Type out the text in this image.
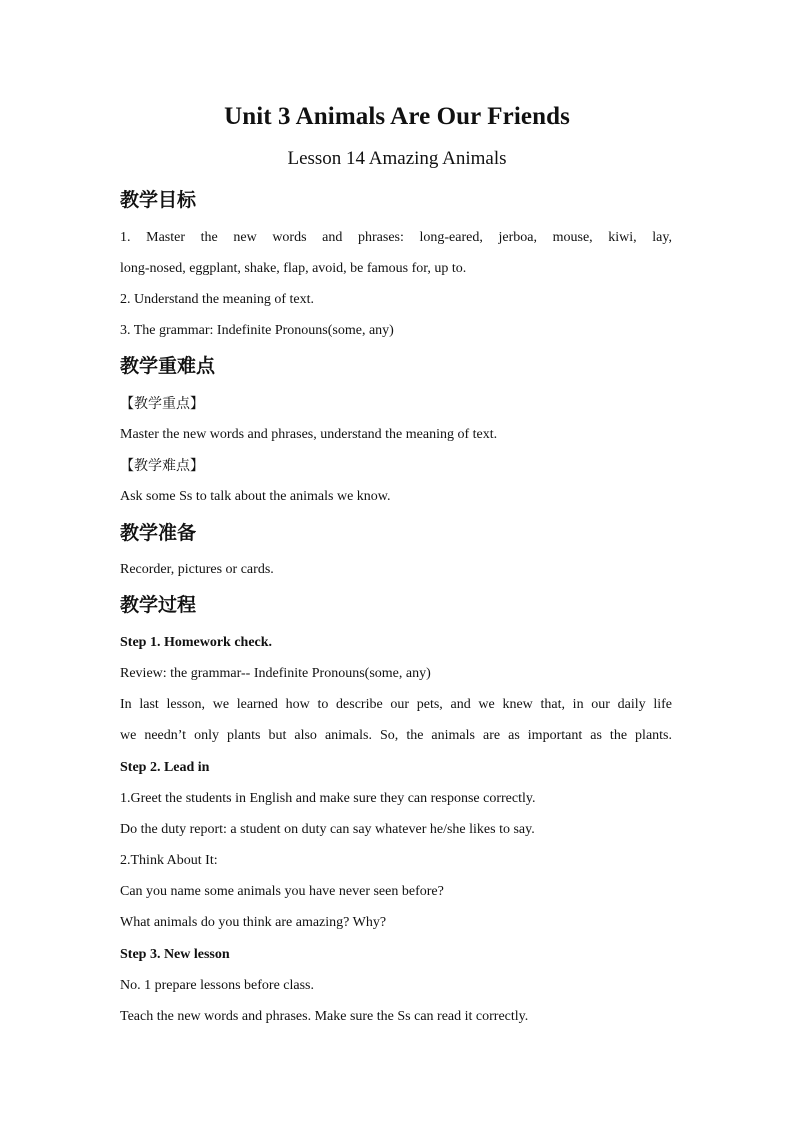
Unit 3 Animals Are Our Friends
Lesson 14 Amazing Animals
教学目标
1. Master the new words and phrases: long-eared, jerboa, mouse, kiwi, lay,
long-nosed, eggplant, shake, flap, avoid, be famous for, up to.
2. Understand the meaning of text.
3. The grammar: Indefinite Pronouns(some, any)
教学重难点
【教学重点】
Master the new words and phrases, understand the meaning of text.
【教学难点】
Ask some Ss to talk about the animals we know.
教学准备
Recorder, pictures or cards.
教学过程
Step 1. Homework check.
Review: the grammar-- Indefinite Pronouns(some, any)
In last lesson, we learned how to describe our pets, and we knew that, in our daily life
we needn’t only plants but also animals. So, the animals are as important as the plants.
Step 2. Lead in
1.Greet the students in English and make sure they can response correctly.
Do the duty report: a student on duty can say whatever he/she likes to say.
2.Think About It:
Can you name some animals you have never seen before?
What animals do you think are amazing? Why?
Step 3. New lesson
No. 1 prepare lessons before class.
Teach the new words and phrases. Make sure the Ss can read it correctly.
